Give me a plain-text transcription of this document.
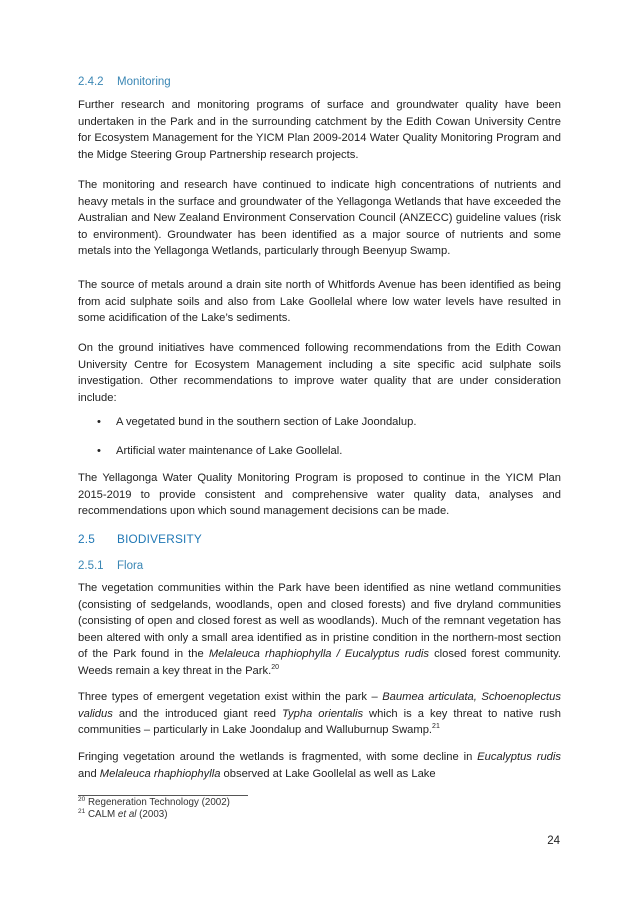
2.4.2 Monitoring

Further research and monitoring programs of surface and groundwater quality have been undertaken in the Park and in the surrounding catchment by the Edith Cowan University Centre for Ecosystem Management for the YICM Plan 2009-2014 Water Quality Monitoring Program and the Midge Steering Group Partnership research projects.

The monitoring and research have continued to indicate high concentrations of nutrients and heavy metals in the surface and groundwater of the Yellagonga Wetlands that have exceeded the Australian and New Zealand Environment Conservation Council (ANZECC) guideline values (risk to environment). Groundwater has been identified as a major source of nutrients and some metals into the Yellagonga Wetlands, particularly through Beenyup Swamp.

The source of metals around a drain site north of Whitfords Avenue has been identified as being from acid sulphate soils and also from Lake Goollelal where low water levels have resulted in some acidification of the Lake’s sediments.

On the ground initiatives have commenced following recommendations from the Edith Cowan University Centre for Ecosystem Management including a site specific acid sulphate soils investigation. Other recommendations to improve water quality that are under consideration include:

• A vegetated bund in the southern section of Lake Joondalup.

• Artificial water maintenance of Lake Goollelal.

The Yellagonga Water Quality Monitoring Program is proposed to continue in the YICM Plan 2015-2019 to provide consistent and comprehensive water quality data, analyses and recommendations upon which sound management decisions can be made.

2.5 BIODIVERSITY
2.5.1 Flora

The vegetation communities within the Park have been identified as nine wetland communities (consisting of sedgelands, woodlands, open and closed forests) and five dryland communities (consisting of open and closed forest as well as woodlands). Much of the remnant vegetation has been altered with only a small area identified as in pristine condition in the northern-most section of the Park found in the Melaleuca rhaphiophylla / Eucalyptus rudis closed forest community. Weeds remain a key threat in the Park.$^{20}$

Three types of emergent vegetation exist within the park – Baumea articulata, Schoenoplectus validus and the introduced giant reed Typha orientalis which is a key threat to native rush communities – particularly in Lake Joondalup and Walluburnup Swamp.$^{21}$

Fringing vegetation around the wetlands is fragmented, with some decline in Eucalyptus rudis and Melaleuca rhaphiophylla observed at Lake Goollelal as well as Lake

$^{20}$ Regeneration Technology (2002)

$^{21}$ CALM et al (2003)

24
